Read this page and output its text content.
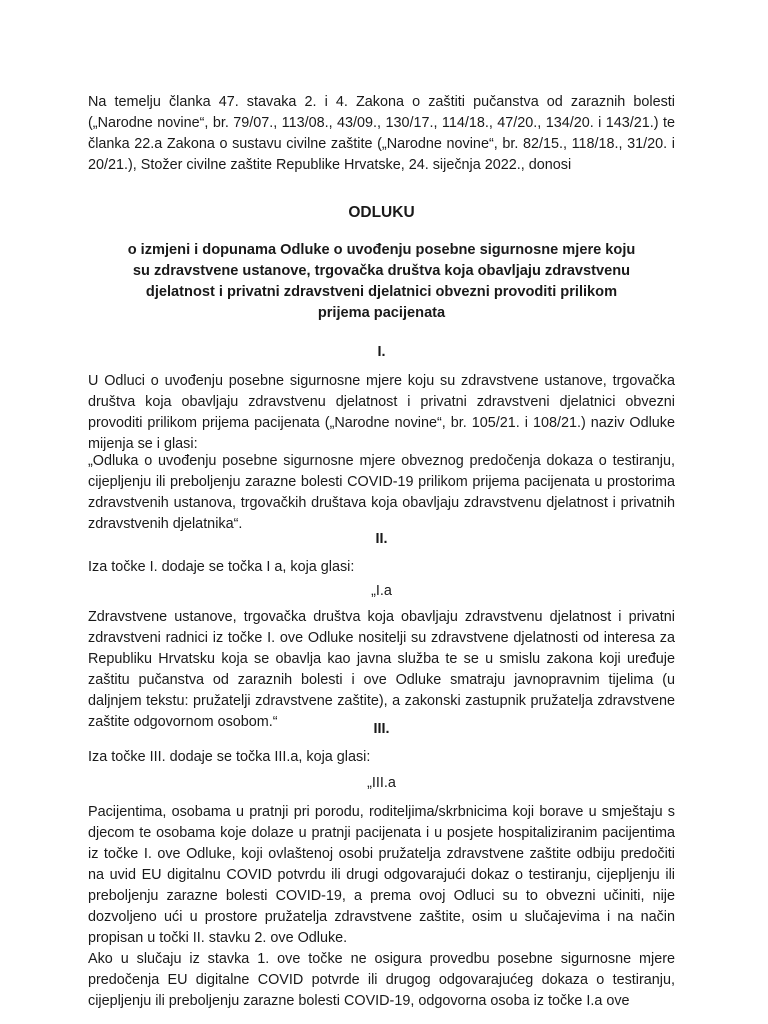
Na temelju članka 47. stavaka 2. i 4. Zakona o zaštiti pučanstva od zaraznih bolesti („Narodne novine“, br. 79/07., 113/08., 43/09., 130/17., 114/18., 47/20., 134/20. i 143/21.) te članka 22.a Zakona o sustavu civilne zaštite („Narodne novine“, br. 82/15., 118/18., 31/20. i 20/21.), Stožer civilne zaštite Republike Hrvatske, 24. siječnja 2022., donosi
ODLUKU
o izmjeni i dopunama Odluke o uvođenju posebne sigurnosne mjere koju su zdravstvene ustanove, trgovačka društva koja obavljaju zdravstvenu djelatnost i privatni zdravstveni djelatnici obvezni provoditi prilikom prijema pacijenata
I.
U Odluci o uvođenju posebne sigurnosne mjere koju su zdravstvene ustanove, trgovačka društva koja obavljaju zdravstvenu djelatnost i privatni zdravstveni djelatnici obvezni provoditi prilikom prijema pacijenata („Narodne novine“, br. 105/21. i 108/21.) naziv Odluke mijenja se i glasi:
„Odluka o uvođenju posebne sigurnosne mjere obveznog predočenja dokaza o testiranju, cijepljenju ili preboljenju zarazne bolesti COVID-19 prilikom prijema pacijenata u prostorima zdravstvenih ustanova, trgovačkih društava koja obavljaju zdravstvenu djelatnost i privatnih zdravstvenih djelatnika“.
II.
Iza točke I. dodaje se točka I a, koja glasi:
„I.a
Zdravstvene ustanove, trgovačka društva koja obavljaju zdravstvenu djelatnost i privatni zdravstveni radnici iz točke I. ove Odluke nositelji su zdravstvene djelatnosti od interesa za Republiku Hrvatsku koja se obavlja kao javna služba te se u smislu zakona koji uređuje zaštitu pučanstva od zaraznih bolesti i ove Odluke smatraju javnopravnim tijelima (u daljnjem tekstu: pružatelji zdravstvene zaštite), a zakonski zastupnik pružatelja zdravstvene zaštite odgovornom osobom.“	III.
Iza točke III. dodaje se točka III.a, koja glasi:
„III.a
Pacijentima, osobama u pratnji pri porodu, roditeljima/skrbnicima koji borave u smještaju s djecom te osobama koje dolaze u pratnji pacijenata i u posjete hospitaliziranim pacijentima iz točke I. ove Odluke, koji ovlaštenoj osobi pružatelja zdravstvene zaštite odbiju predočiti na uvid EU digitalnu COVID potvrdu ili drugi odgovarajući dokaz o testiranju, cijepljenju ili preboljenju zarazne bolesti COVID-19, a prema ovoj Odluci su to obvezni učiniti, nije dozvoljeno ući u prostore pružatelja zdravstvene zaštite, osim u slučajevima i na način propisan u točki II. stavku 2. ove Odluke.
Ako u slučaju iz stavka 1. ove točke ne osigura provedbu posebne sigurnosne mjere predočenja EU digitalne COVID potvrde ili drugog odgovarajućeg dokaza o testiranju, cijepljenju ili preboljenju zarazne bolesti COVID-19, odgovorna osoba iz točke I.a ove
